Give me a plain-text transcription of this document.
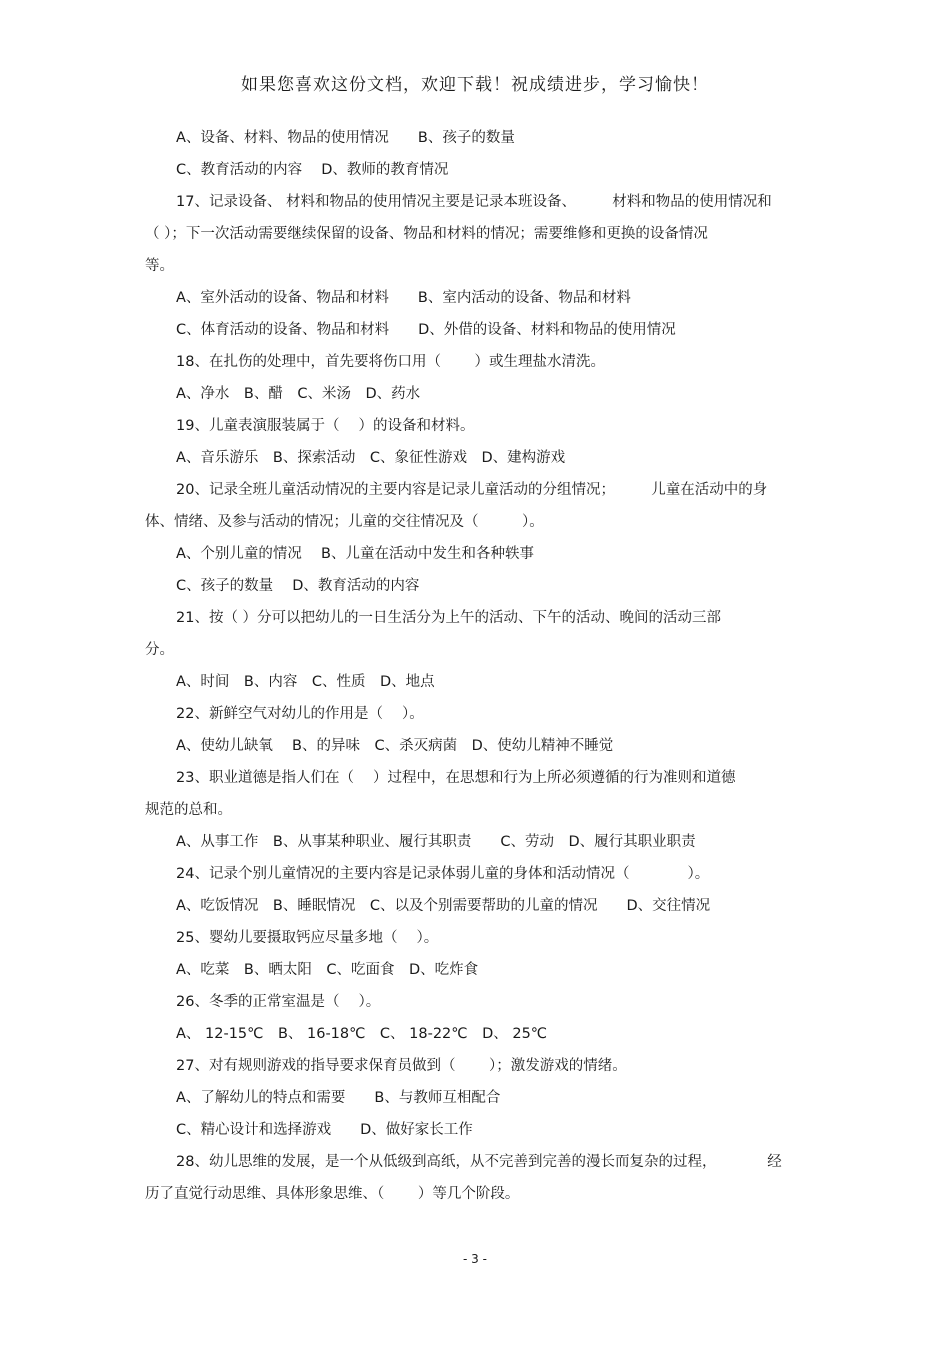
如果您喜欢这份文档，欢迎下载！祝成绩进步，学习愉快！
A、设备、材料、物品的使用情况　　B、孩子的数量
C、教育活动的内容　 D、教师的教育情况
17、记录设备、 材料和物品的使用情况主要是记录本班设备、　　　材料和物品的使用情况和
（ ）；下一次活动需要继续保留的设备、物品和材料的情况；需要维修和更换的设备情况
等。
A、室外活动的设备、物品和材料　　B、室内活动的设备、物品和材料
C、体育活动的设备、物品和材料　　D、外借的设备、材料和物品的使用情况
18、在扎伤的处理中，首先要将伤口用（　　 ）或生理盐水清洗。
A、净水　B、醋　C、米汤　D、药水
19、儿童表演服装属于（　 ）的设备和材料。
A、音乐游乐　B、探索活动　C、象征性游戏　D、建构游戏
20、记录全班儿童活动情况的主要内容是记录儿童活动的分组情况；　　　儿童在活动中的身
体、情绪、及参与活动的情况；儿童的交往情况及（　　　）。
A、个别儿童的情况　 B、儿童在活动中发生和各种轶事
C、孩子的数量　 D、教育活动的内容
21、按（ ）分可以把幼儿的一日生活分为上午的活动、下午的活动、晚间的活动三部
分。
A、时间　B、内容　C、性质　D、地点
22、新鲜空气对幼儿的作用是（　 ）。
A、使幼儿缺氧　 B、的异味　C、杀灭病菌　D、使幼儿精神不睡觉
23、职业道德是指人们在（　 ）过程中，在思想和行为上所必须遵循的行为准则和道德
规范的总和。
A、从事工作　B、从事某种职业、履行其职责　　C、劳动　D、履行其职业职责
24、记录个别儿童情况的主要内容是记录体弱儿童的身体和活动情况（　　　　）。
A、吃饭情况　B、睡眠情况　C、以及个别需要帮助的儿童的情况　　D、交往情况
25、婴幼儿要摄取钙应尽量多地（　 ）。
A、吃菜　B、晒太阳　C、吃面食　D、吃炸食
26、冬季的正常室温是（　 ）。
A、 12-15℃　B、 16-18℃　C、 18-22℃　D、 25℃
27、对有规则游戏的指导要求保育员做到（　　 ）；激发游戏的情绪。
A、了解幼儿的特点和需要　　B、与教师互相配合
C、精心设计和选择游戏　　D、做好家长工作
28、幼儿思维的发展，是一个从低级到高纸，从不完善到完善的漫长而复杂的过程，　　　　经
历了直觉行动思维、具体形象思维、（　　 ）等几个阶段。
- 3 -
